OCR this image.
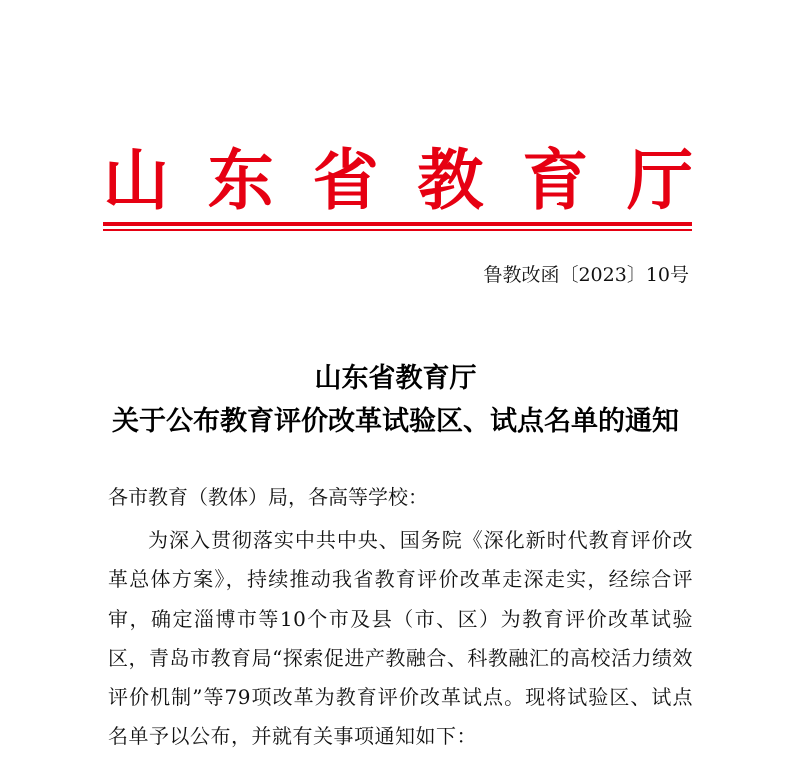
山东省教育厅
鲁教改函〔2023〕10号
山东省教育厅
关于公布教育评价改革试验区、试点名单的通知
各市教育（教体）局，各高等学校：
为深入贯彻落实中共中央、国务院《深化新时代教育评价改革总体方案》，持续推动我省教育评价改革走深走实，经综合评审，确定淄博市等10个市及县（市、区）为教育评价改革试验区，青岛市教育局“探索促进产教融合、科教融汇的高校活力绩效评价机制”等79项改革为教育评价改革试点。现将试验区、试点名单予以公布，并就有关事项通知如下：
